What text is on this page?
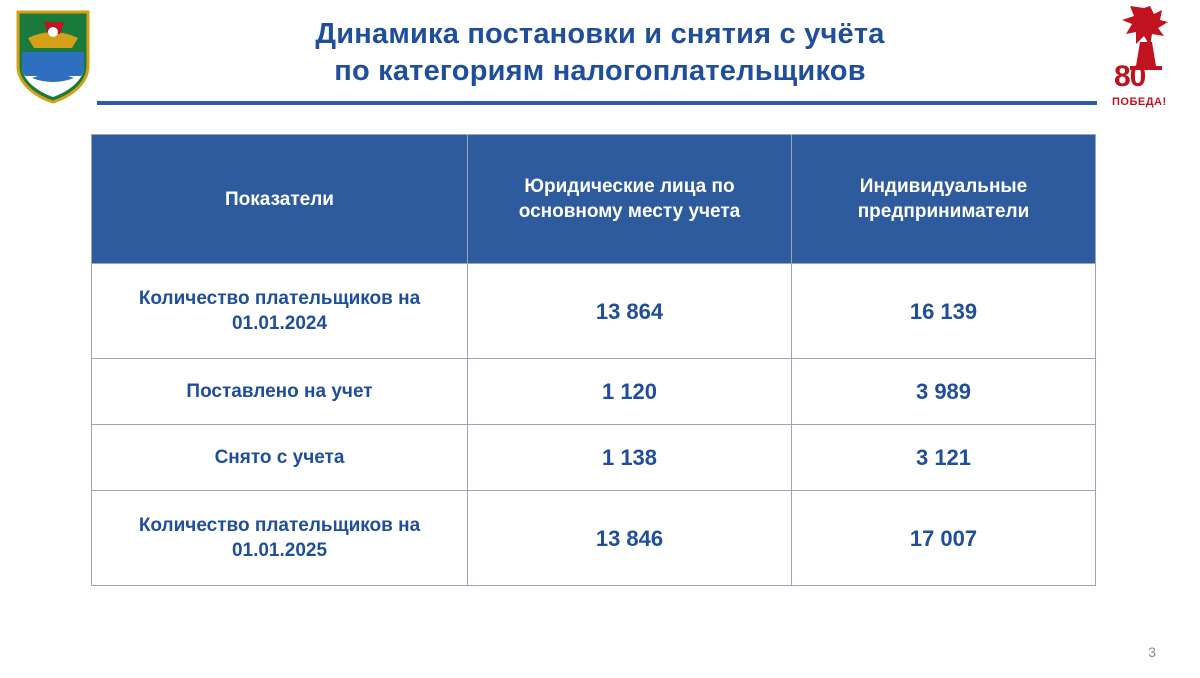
Динамика постановки и снятия с учёта
по категориям налогоплательщиков	80
ПОБЕДА!
Показатели	Юридические лица по основному месту учета	Индивидуальные предприниматели
Количество плательщиков на 01.01.2024	13 864	16 139
Поставлено на учет	1 120	3 989
Снято с учета	1 138	3 121
Количество плательщиков на 01.01.2025	13 846	17 007
3
